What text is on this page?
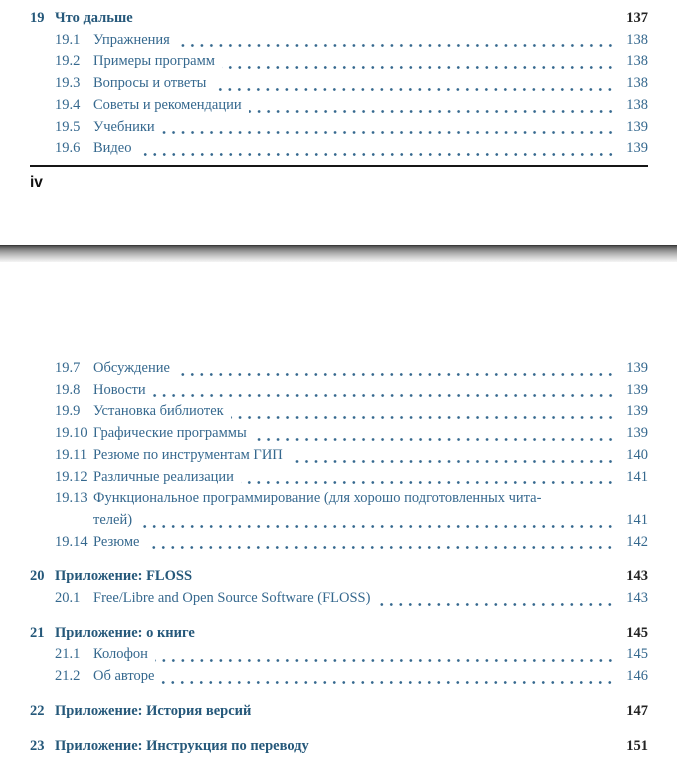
19 Что дальше	137
19.1 Упражнения	138
19.2 Примеры программ	138
19.3 Вопросы и ответы	138
19.4 Советы и рекомендации	138
19.5 Учебники	139
19.6 Видео	139
iv
19.7 Обсуждение	139
19.8 Новости	139
19.9 Установка библиотек	139
19.10 Графические программы	139
19.11 Резюме по инструментам ГИП	140
19.12 Различные реализации	141
19.13 Функциональное программирование (для хорошо подготовленных чита-
телей)	141
19.14 Резюме	142
20 Приложение: FLOSS	143
20.1 Free/Libre and Open Source Software (FLOSS)	143
21 Приложение: о книге	145
21.1 Колофон	145
21.2 Об авторе	146
22 Приложение: История версий	147
23 Приложение: Инструкция по переводу	151
